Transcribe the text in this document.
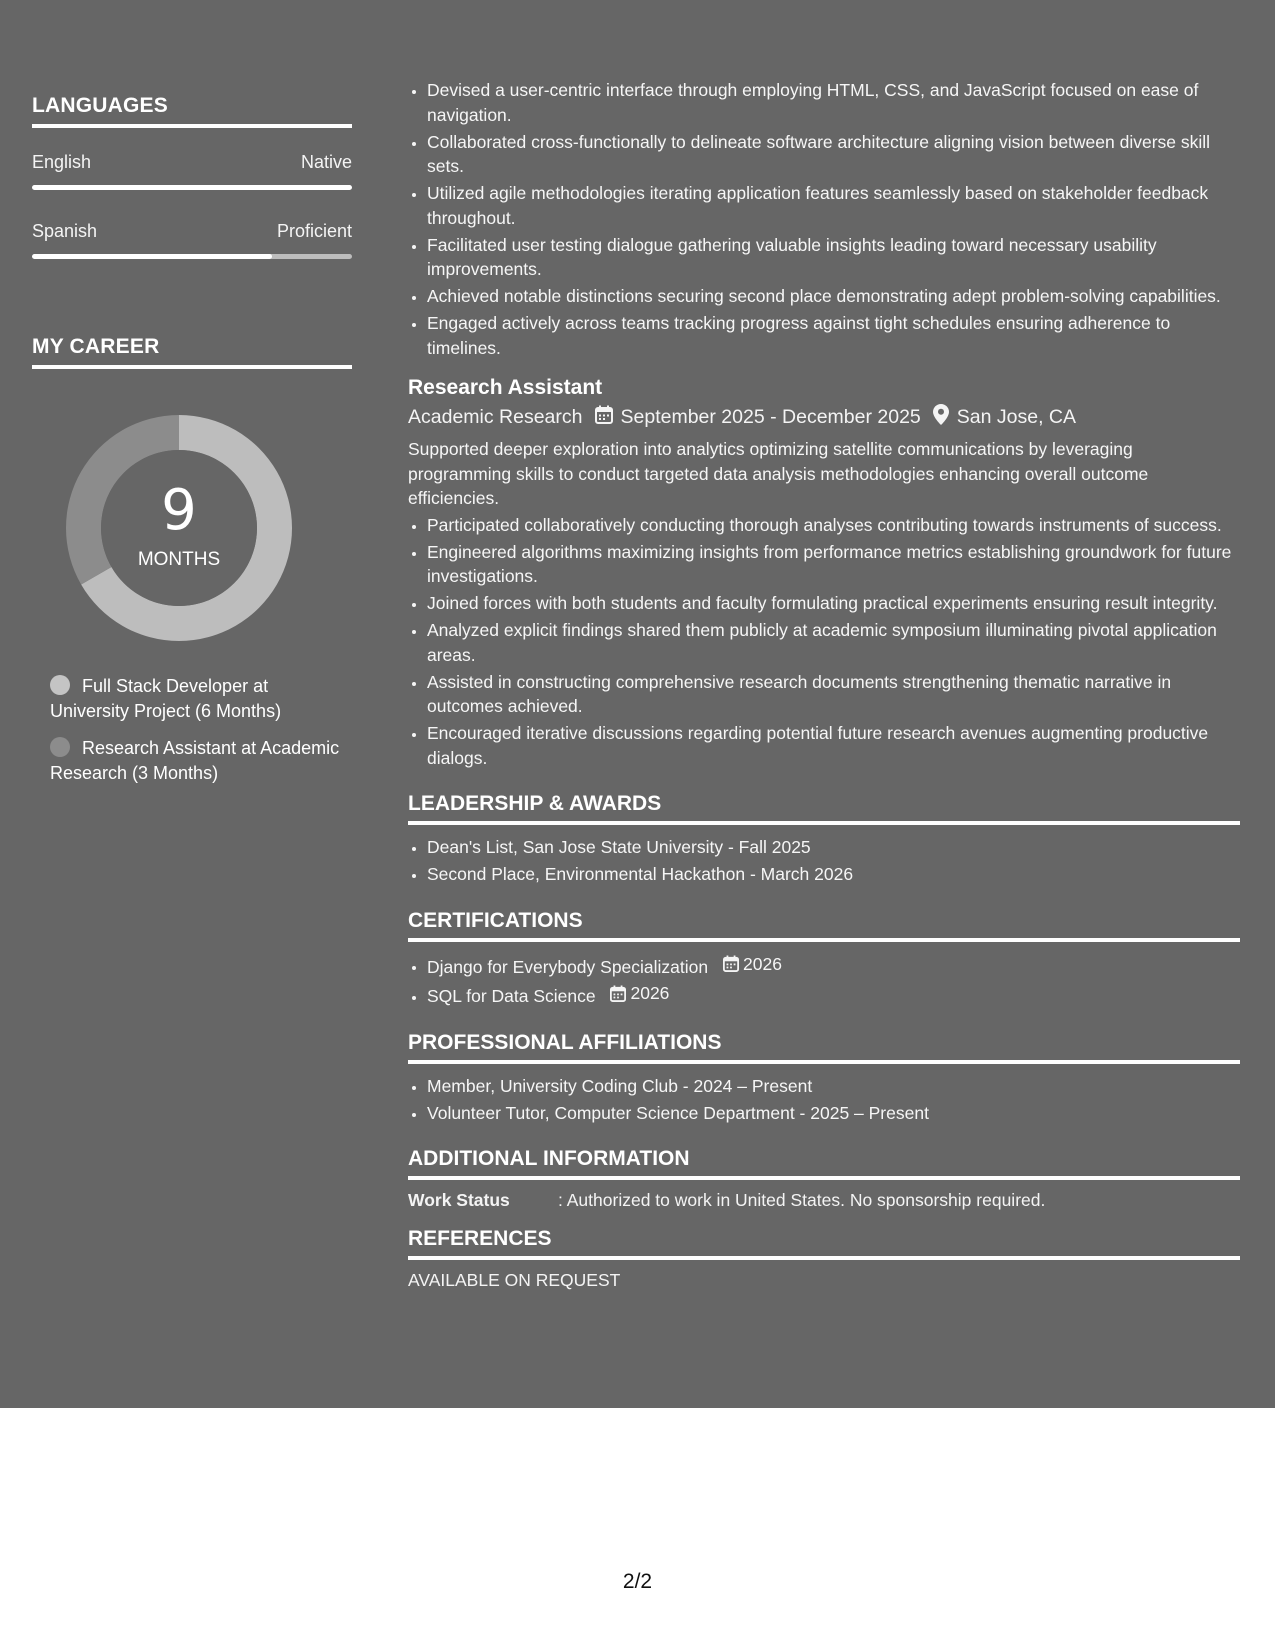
LANGUAGES
English	Native
Spanish	Proficient
MY CAREER
9
MONTHS
Full Stack Developer at University Project (6 Months)
Research Assistant at Academic Research (3 Months)
• Devised a user-centric interface through employing HTML, CSS, and JavaScript focused on ease of navigation.
• Collaborated cross-functionally to delineate software architecture aligning vision between diverse skill sets.
• Utilized agile methodologies iterating application features seamlessly based on stakeholder feedback throughout.
• Facilitated user testing dialogue gathering valuable insights leading toward necessary usability improvements.
• Achieved notable distinctions securing second place demonstrating adept problem-solving capabilities.
• Engaged actively across teams tracking progress against tight schedules ensuring adherence to timelines.
Research Assistant
Academic Research September 2025 - December 2025 San Jose, CA

Supported deeper exploration into analytics optimizing satellite communications by leveraging programming skills to conduct targeted data analysis methodologies enhancing overall outcome efficiencies.

• Participated collaboratively conducting thorough analyses contributing towards instruments of success.
• Engineered algorithms maximizing insights from performance metrics establishing groundwork for future investigations.
• Joined forces with both students and faculty formulating practical experiments ensuring result integrity.
• Analyzed explicit findings shared them publicly at academic symposium illuminating pivotal application areas.
• Assisted in constructing comprehensive research documents strengthening thematic narrative in outcomes achieved.
• Encouraged iterative discussions regarding potential future research avenues augmenting productive dialogs.
LEADERSHIP & AWARDS
• Dean's List, San Jose State University - Fall 2025
• Second Place, Environmental Hackathon - March 2026
CERTIFICATIONS
• Django for Everybody Specialization 2026
• SQL for Data Science 2026
PROFESSIONAL AFFILIATIONS
• Member, University Coding Club - 2024 – Present
• Volunteer Tutor, Computer Science Department - 2025 – Present
ADDITIONAL INFORMATION
Work Status	: Authorized to work in United States. No sponsorship required.
REFERENCES
AVAILABLE ON REQUEST
2/2
